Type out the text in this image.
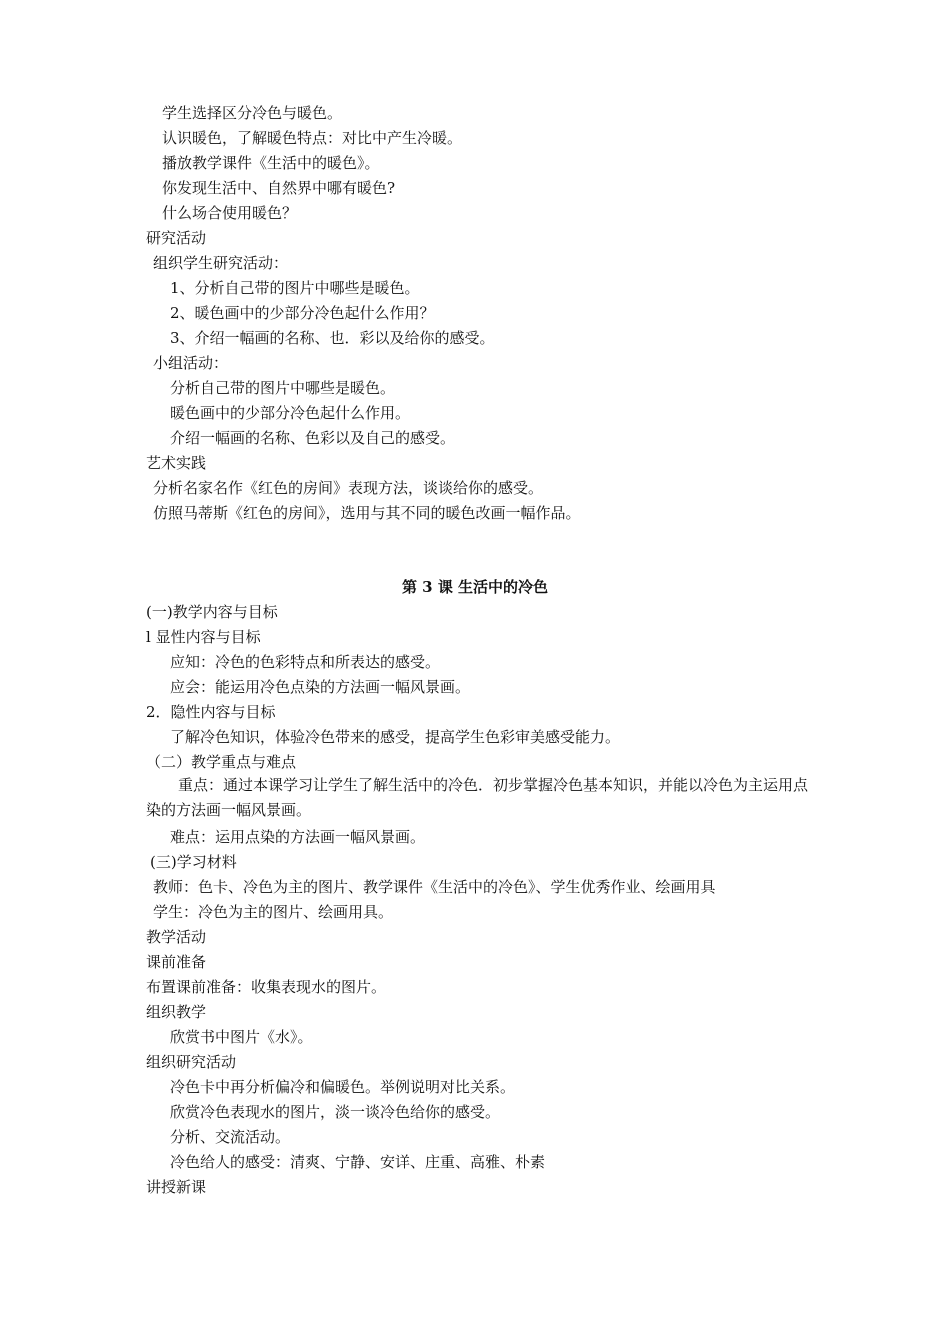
学生选择区分冷色与暖色。
认识暖色，了解暖色特点：对比中产生冷暖。
播放教学课件《生活中的暖色》。
你发现生活中、自然界中哪有暖色?
什么场合使用暖色？
研究活动
组织学生研究活动：
1、分析自己带的图片中哪些是暖色。
2、暖色画中的少部分冷色起什么作用？
3、介绍一幅画的名称、也．彩以及给你的感受。
小组活动：
分析自己带的图片中哪些是暖色。
暖色画中的少部分冷色起什么作用。
介绍一幅画的名称、色彩以及自己的感受。
艺术实践
分析名家名作《红色的房间》表现方法，谈谈给你的感受。
仿照马蒂斯《红色的房间》，选用与其不同的暖色改画一幅作品。
第 3 课 生活中的冷色
(一)教学内容与目标
l 显性内容与目标
应知：冷色的色彩特点和所表达的感受。
应会：能运用冷色点染的方法画一幅风景画。
2．隐性内容与目标
了解冷色知识，体验冷色带来的感受，提高学生色彩审美感受能力。
（二）教学重点与难点
重点：通过本课学习让学生了解生活中的冷色．初步掌握冷色基本知识，并能以冷色为主运用点染的方法画一幅风景画。
难点：运用点染的方法画一幅风景画。
(三)学习材料
教师：色卡、冷色为主的图片、教学课件《生活中的冷色》、学生优秀作业、绘画用具
学生：冷色为主的图片、绘画用具。
教学活动
课前准备
布置课前准备：收集表现水的图片。
组织教学
欣赏书中图片《水》。
组织研究活动
冷色卡中再分析偏冷和偏暖色。举例说明对比关系。
欣赏冷色表现水的图片，淡一谈冷色给你的感受。
分析、交流活动。
冷色给人的感受：清爽、宁静、安详、庄重、高雅、朴素
讲授新课
